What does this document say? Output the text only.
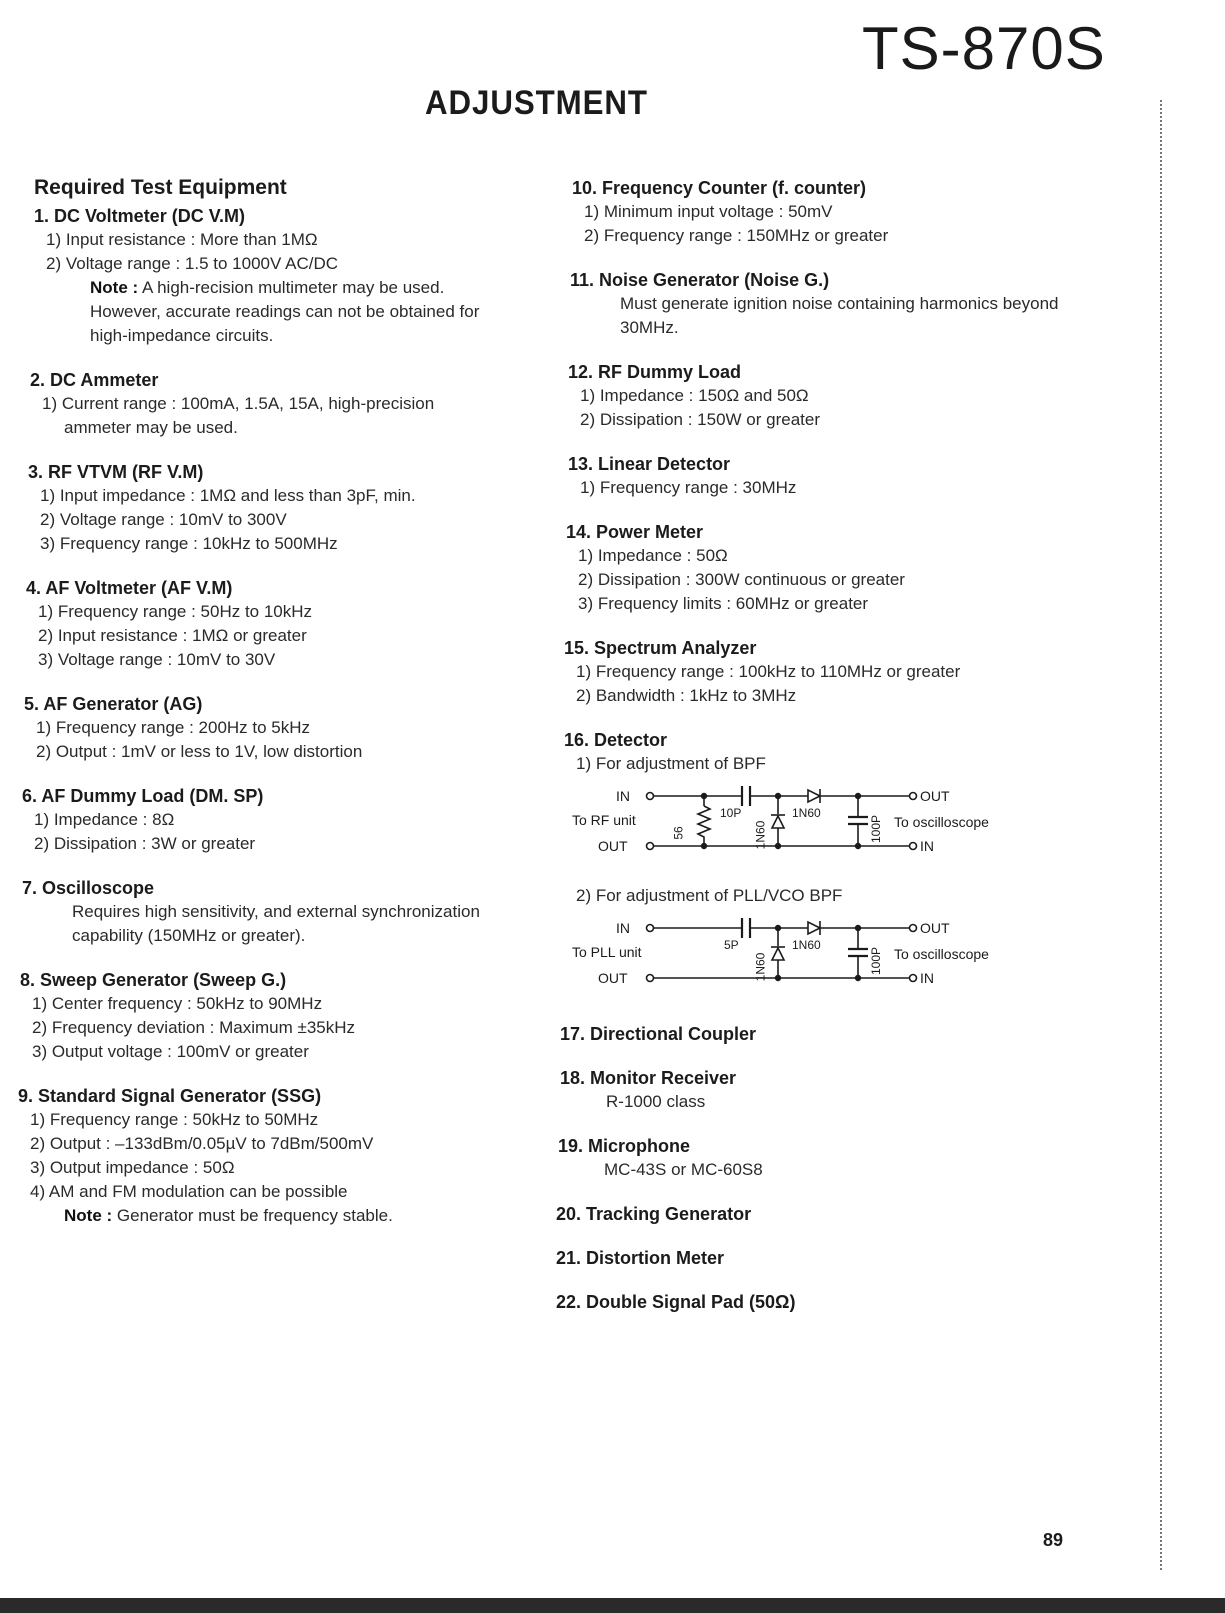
TS-870S
ADJUSTMENT
Required Test Equipment
1. DC Voltmeter (DC V.M)
1) Input resistance : More than 1MΩ
2) Voltage range : 1.5 to 1000V AC/DC
Note : A high-recision multimeter may be used. However, accurate readings can not be obtained for high-impedance circuits.
2. DC Ammeter
1) Current range : 100mA, 1.5A, 15A, high-precision ammeter may be used.
3. RF VTVM (RF V.M)
1) Input impedance : 1MΩ and less than 3pF, min.
2) Voltage range : 10mV to 300V
3) Frequency range : 10kHz to 500MHz
4. AF Voltmeter (AF V.M)
1) Frequency range : 50Hz to 10kHz
2) Input resistance : 1MΩ or greater
3) Voltage range : 10mV to 30V
5. AF Generator (AG)
1) Frequency range : 200Hz to 5kHz
2) Output : 1mV or less to 1V, low distortion
6. AF Dummy Load (DM. SP)
1) Impedance : 8Ω
2) Dissipation : 3W or greater
7. Oscilloscope
Requires high sensitivity, and external synchronization capability (150MHz or greater).
8. Sweep Generator (Sweep G.)
1) Center frequency : 50kHz to 90MHz
2) Frequency deviation : Maximum ±35kHz
3) Output voltage : 100mV or greater
9. Standard Signal Generator (SSG)
1) Frequency range : 50kHz to 50MHz
2) Output : –133dBm/0.05µV to 7dBm/500mV
3) Output impedance : 50Ω
4) AM and FM modulation can be possible
Note : Generator must be frequency stable.
10. Frequency Counter (f. counter)
1) Minimum input voltage : 50mV
2) Frequency range : 150MHz or greater
11. Noise Generator (Noise G.)
Must generate ignition noise containing harmonics beyond 30MHz.
12. RF Dummy Load
1) Impedance : 150Ω and 50Ω
2) Dissipation : 150W or greater
13. Linear Detector
1) Frequency range : 30MHz
14. Power Meter
1) Impedance : 50Ω
2) Dissipation : 300W continuous or greater
3) Frequency limits : 60MHz or greater
15. Spectrum Analyzer
1) Frequency range : 100kHz to 110MHz or greater
2) Bandwidth : 1kHz to 3MHz
16. Detector
1) For adjustment of BPF
IN
To RF unit
OUT
56
10P
1N60
1N60
100P
OUT
To oscilloscope
IN
2) For adjustment of PLL/VCO BPF
IN
To PLL unit
OUT
5P
1N60
1N60
100P
OUT
To oscilloscope
IN
17. Directional Coupler
18. Monitor Receiver
R-1000 class
19. Microphone
MC-43S or MC-60S8
20. Tracking Generator
21. Distortion Meter
22. Double Signal Pad (50Ω)
89
